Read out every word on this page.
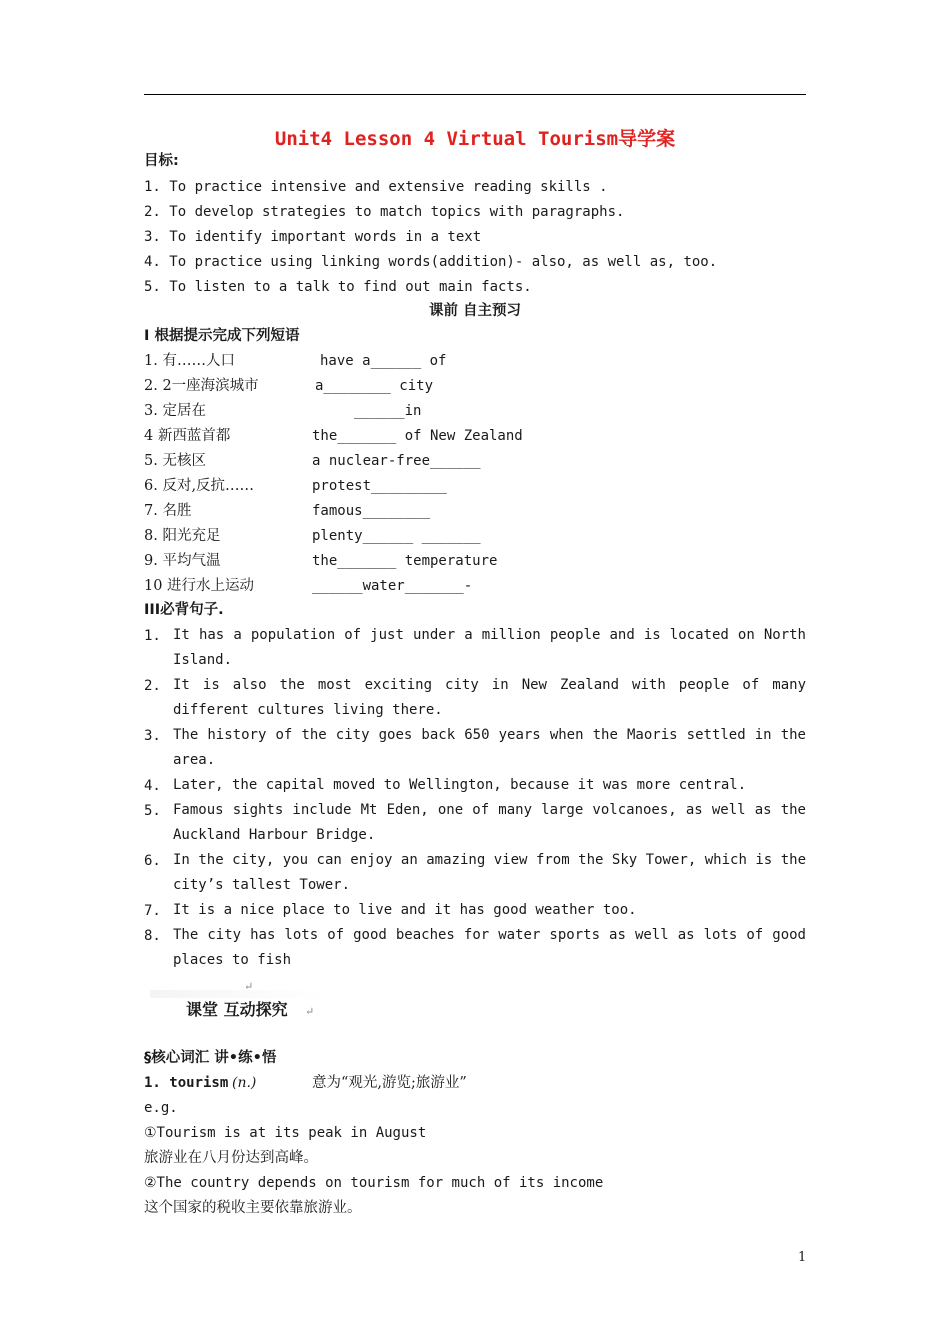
Unit4 Lesson 4 Virtual Tourism导学案
目标:
1. To practice intensive and extensive reading skills .
2. To develop strategies to match topics with paragraphs.
3. To identify important words in a text
4. To practice using linking words(addition)- also, as well as, too.
5. To listen to a talk to find out main facts.
课前 自主预习
I 根据提示完成下列短语
1. 有……人口	have a______ of
2. 2一座海滨城市	a________ city
3. 定居在	______in
4 新西蓝首都	the_______ of New Zealand
5. 无核区	a nuclear-free______
6. 反对,反抗……	protest_________
7. 名胜	famous________
8. 阳光充足	plenty______ _______
9. 平均气温	the_______ temperature
10 进行水上运动	______water_______-
III必背句子.
1. It has a population of just under a million people and is located on North Island.
2. It is also the most exciting city in New Zealand with people of many different cultures living there.
3. The history of the city goes back 650 years when the Maoris settled in the area.
4. Later, the capital moved to Wellington, because it was more central.
5. Famous sights include Mt Eden, one of many large volcanoes, as well as the Auckland Harbour Bridge.
6. In the city, you can enjoy an amazing view from the Sky Tower, which is the city’s tallest Tower.
7. It is a nice place to live and it has good weather too.
8. The city has lots of good beaches for water sports as well as lots of good places to fish
↵
课堂 互动探究 ↵
§核心词汇 讲•练•悟
1. tourism (n.)	意为“观光,游览;旅游业”
e.g.
①Tourism is at its peak in August
旅游业在八月份达到高峰。
②The country depends on tourism for much of its income
这个国家的税收主要依靠旅游业。
1
